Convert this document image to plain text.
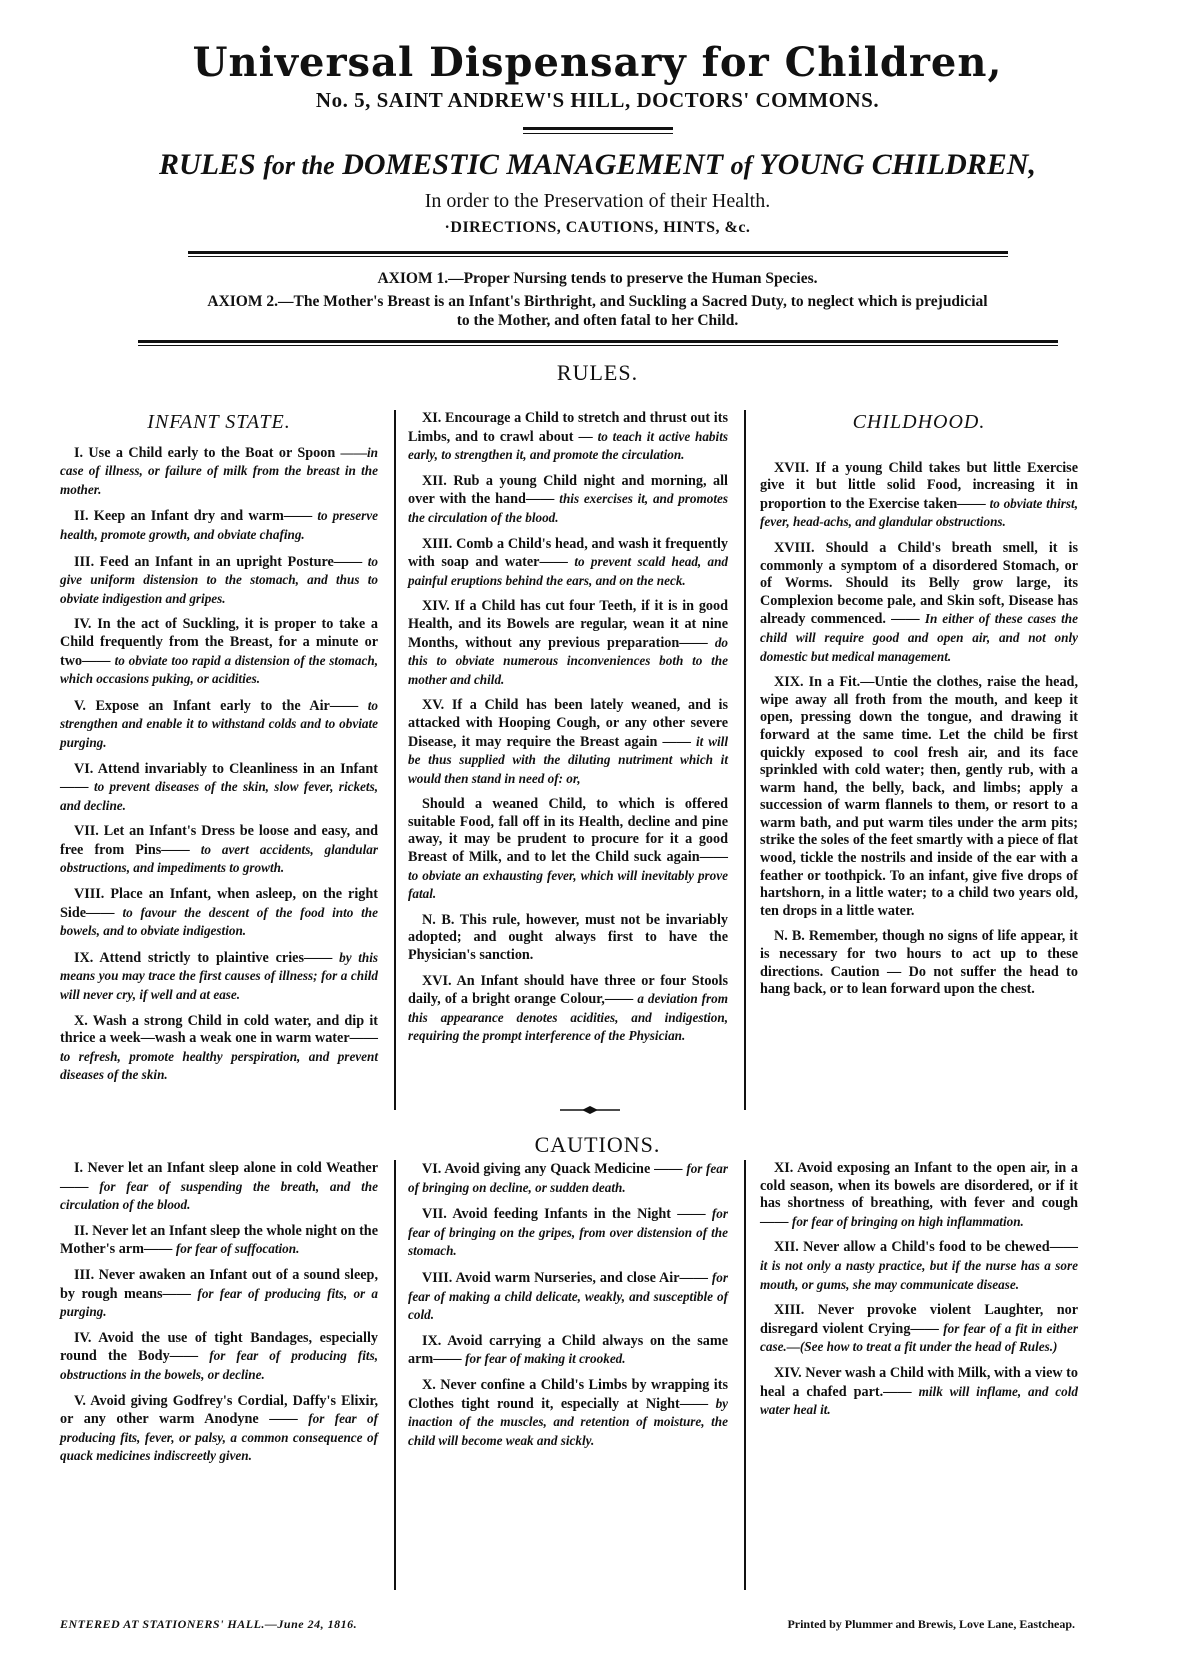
Universal Dispensary for Children,
No. 5, SAINT ANDREW'S HILL, DOCTORS' COMMONS.
RULES for the DOMESTIC MANAGEMENT of YOUNG CHILDREN,
In order to the Preservation of their Health.
·DIRECTIONS, CAUTIONS, HINTS, &c.
AXIOM 1.—Proper Nursing tends to preserve the Human Species.
AXIOM 2.—The Mother's Breast is an Infant's Birthright, and Suckling a Sacred Duty, to neglect which is prejudicial
to the Mother, and often fatal to her Child.
RULES.
INFANT STATE.

I. Use a Child early to the Boat or Spoon ——in case of illness, or failure of milk from the breast in the mother.

II. Keep an Infant dry and warm—— to preserve health, promote growth, and obviate chafing.

III. Feed an Infant in an upright Posture—— to give uniform distension to the stomach, and thus to obviate indigestion and gripes.

IV. In the act of Suckling, it is proper to take a Child frequently from the Breast, for a minute or two—— to obviate too rapid a distension of the stomach, which occasions puking, or acidities.

V. Expose an Infant early to the Air—— to strengthen and enable it to withstand colds and to obviate purging.

VI. Attend invariably to Cleanliness in an Infant—— to prevent diseases of the skin, slow fever, rickets, and decline.

VII. Let an Infant's Dress be loose and easy, and free from Pins—— to avert accidents, glandular obstructions, and impediments to growth.

VIII. Place an Infant, when asleep, on the right Side—— to favour the descent of the food into the bowels, and to obviate indigestion.

IX. Attend strictly to plaintive cries—— by this means you may trace the first causes of illness; for a child will never cry, if well and at ease.

X. Wash a strong Child in cold water, and dip it thrice a week—wash a weak one in warm water—— to refresh, promote healthy perspiration, and prevent diseases of the skin.

XI. Encourage a Child to stretch and thrust out its Limbs, and to crawl about — to teach it active habits early, to strengthen it, and promote the circulation.

XII. Rub a young Child night and morning, all over with the hand—— this exercises it, and promotes the circulation of the blood.

XIII. Comb a Child's head, and wash it frequently with soap and water—— to prevent scald head, and painful eruptions behind the ears, and on the neck.

XIV. If a Child has cut four Teeth, if it is in good Health, and its Bowels are regular, wean it at nine Months, without any previous preparation—— do this to obviate numerous inconveniences both to the mother and child.

XV. If a Child has been lately weaned, and is attacked with Hooping Cough, or any other severe Disease, it may require the Breast again —— it will be thus supplied with the diluting nutriment which it would then stand in need of: or,

Should a weaned Child, to which is offered suitable Food, fall off in its Health, decline and pine away, it may be prudent to procure for it a good Breast of Milk, and to let the Child suck again—— to obviate an exhausting fever, which will inevitably prove fatal.

N. B. This rule, however, must not be invariably adopted; and ought always first to have the Physician's sanction.

XVI. An Infant should have three or four Stools daily, of a bright orange Colour,—— a deviation from this appearance denotes acidities, and indigestion, requiring the prompt interference of the Physician.

CHILDHOOD.

XVII. If a young Child takes but little Exercise give it but little solid Food, increasing it in proportion to the Exercise taken—— to obviate thirst, fever, head-achs, and glandular obstructions.

XVIII. Should a Child's breath smell, it is commonly a symptom of a disordered Stomach, or of Worms. Should its Belly grow large, its Complexion become pale, and Skin soft, Disease has already commenced. —— In either of these cases the child will require good and open air, and not only domestic but medical management.

XIX. In a Fit.—Untie the clothes, raise the head, wipe away all froth from the mouth, and keep it open, pressing down the tongue, and drawing it forward at the same time. Let the child be first quickly exposed to cool fresh air, and its face sprinkled with cold water; then, gently rub, with a warm hand, the belly, back, and limbs; apply a succession of warm flannels to them, or resort to a warm bath, and put warm tiles under the arm pits; strike the soles of the feet smartly with a piece of flat wood, tickle the nostrils and inside of the ear with a feather or toothpick. To an infant, give five drops of hartshorn, in a little water; to a child two years old, ten drops in a little water.

N. B. Remember, though no signs of life appear, it is necessary for two hours to act up to these directions. Caution — Do not suffer the head to hang back, or to lean forward upon the chest.

CAUTIONS.

I. Never let an Infant sleep alone in cold Weather—— for fear of suspending the breath, and the circulation of the blood.

II. Never let an Infant sleep the whole night on the Mother's arm—— for fear of suffocation.

III. Never awaken an Infant out of a sound sleep, by rough means—— for fear of producing fits, or a purging.

IV. Avoid the use of tight Bandages, especially round the Body—— for fear of producing fits, obstructions in the bowels, or decline.

V. Avoid giving Godfrey's Cordial, Daffy's Elixir, or any other warm Anodyne —— for fear of producing fits, fever, or palsy, a common consequence of quack medicines indiscreetly given.

VI. Avoid giving any Quack Medicine —— for fear of bringing on decline, or sudden death.

VII. Avoid feeding Infants in the Night —— for fear of bringing on the gripes, from over distension of the stomach.

VIII. Avoid warm Nurseries, and close Air—— for fear of making a child delicate, weakly, and susceptible of cold.

IX. Avoid carrying a Child always on the same arm—— for fear of making it crooked.

X. Never confine a Child's Limbs by wrapping its Clothes tight round it, especially at Night—— by inaction of the muscles, and retention of moisture, the child will become weak and sickly.

XI. Avoid exposing an Infant to the open air, in a cold season, when its bowels are disordered, or if it has shortness of breathing, with fever and cough—— for fear of bringing on high inflammation.

XII. Never allow a Child's food to be chewed—— it is not only a nasty practice, but if the nurse has a sore mouth, or gums, she may communicate disease.

XIII. Never provoke violent Laughter, nor disregard violent Crying—— for fear of a fit in either case.—(See how to treat a fit under the head of Rules.)

XIV. Never wash a Child with Milk, with a view to heal a chafed part.—— milk will inflame, and cold water heal it.

ENTERED AT STATIONERS' HALL.—June 24, 1816.	Printed by Plummer and Brewis, Love Lane, Eastcheap.
